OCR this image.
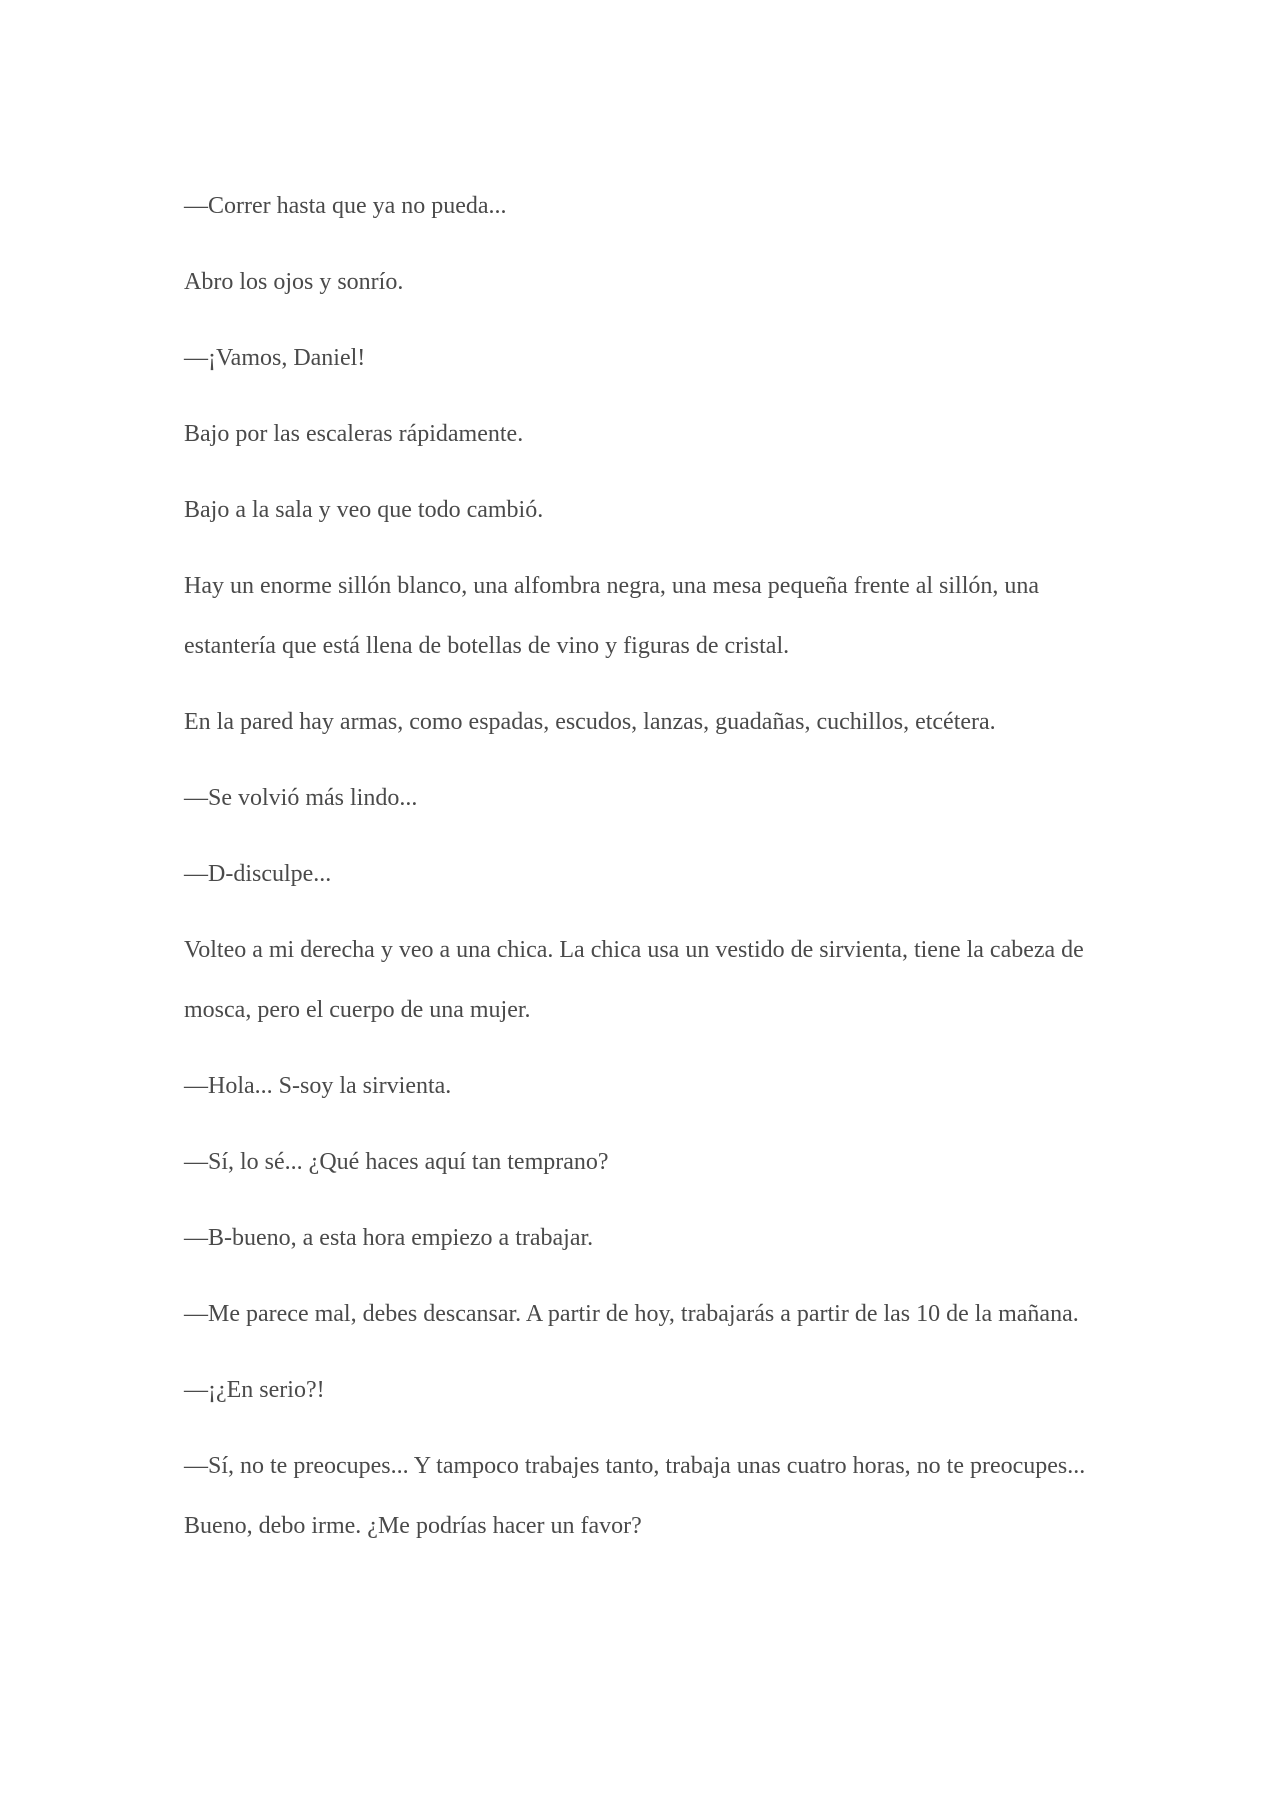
—Correr hasta que ya no pueda...

Abro los ojos y sonrío.

—¡Vamos, Daniel!

Bajo por las escaleras rápidamente.

Bajo a la sala y veo que todo cambió.

Hay un enorme sillón blanco, una alfombra negra, una mesa pequeña frente al sillón, una estantería que está llena de botellas de vino y figuras de cristal.

En la pared hay armas, como espadas, escudos, lanzas, guadañas, cuchillos, etcétera.

—Se volvió más lindo...

—D-disculpe...

Volteo a mi derecha y veo a una chica. La chica usa un vestido de sirvienta, tiene la cabeza de mosca, pero el cuerpo de una mujer.

—Hola... S-soy la sirvienta.

—Sí, lo sé... ¿Qué haces aquí tan temprano?

—B-bueno, a esta hora empiezo a trabajar.

—Me parece mal, debes descansar. A partir de hoy, trabajarás a partir de las 10 de la mañana.

—¡¿En serio?!

—Sí, no te preocupes... Y tampoco trabajes tanto, trabaja unas cuatro horas, no te preocupes... Bueno, debo irme. ¿Me podrías hacer un favor?
